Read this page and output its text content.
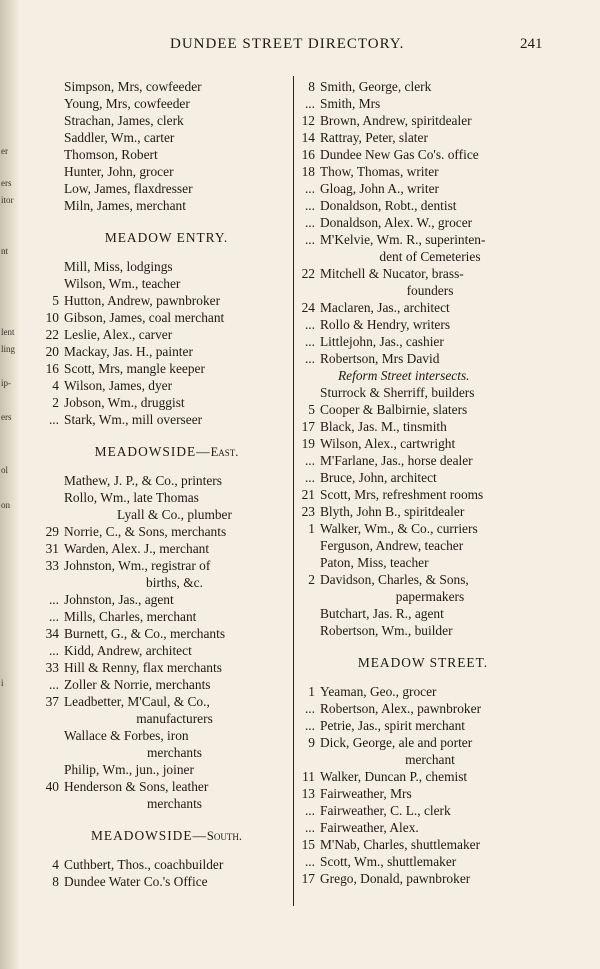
er
ers
itor
nt
lent
ling
ip-
ers
ol
on
i
DUNDEE STREET DIRECTORY.	241
Simpson, Mrs, cowfeeder
Young, Mrs, cowfeeder
Strachan, James, clerk
Saddler, Wm., carter
Thomson, Robert
Hunter, John, grocer
Low, James, flaxdresser
Miln, James, merchant
MEADOW ENTRY.
Mill, Miss, lodgings
Wilson, Wm., teacher
5 Hutton, Andrew, pawnbroker
10 Gibson, James, coal merchant
22 Leslie, Alex., carver
20 Mackay, Jas. H., painter
16 Scott, Mrs, mangle keeper
4 Wilson, James, dyer
2 Jobson, Wm., druggist
... Stark, Wm., mill overseer
MEADOWSIDE—East.
Mathew, J. P., & Co., printers
Rollo, Wm., late Thomas
Lyall & Co., plumber
29 Norrie, C., & Sons, merchants
31 Warden, Alex. J., merchant
33 Johnston, Wm., registrar of
births, &c.
... Johnston, Jas., agent
... Mills, Charles, merchant
34 Burnett, G., & Co., merchants
... Kidd, Andrew, architect
33 Hill & Renny, flax merchants
... Zoller & Norrie, merchants
37 Leadbetter, M'Caul, & Co.,
manufacturers
Wallace & Forbes, iron
merchants
Philip, Wm., jun., joiner
40 Henderson & Sons, leather
merchants
MEADOWSIDE—South.
4 Cuthbert, Thos., coachbuilder
8 Dundee Water Co.'s Office
8 Smith, George, clerk
... Smith, Mrs
12 Brown, Andrew, spiritdealer
14 Rattray, Peter, slater
16 Dundee New Gas Co's. office
18 Thow, Thomas, writer
... Gloag, John A., writer
... Donaldson, Robt., dentist
... Donaldson, Alex. W., grocer
... M'Kelvie, Wm. R., superinten-
dent of Cemeteries
22 Mitchell & Nucator, brass-
founders
24 Maclaren, Jas., architect
... Rollo & Hendry, writers
... Littlejohn, Jas., cashier
... Robertson, Mrs David
Reform Street intersects.
Sturrock & Sherriff, builders
5 Cooper & Balbirnie, slaters
17 Black, Jas. M., tinsmith
19 Wilson, Alex., cartwright
... M'Farlane, Jas., horse dealer
... Bruce, John, architect
21 Scott, Mrs, refreshment rooms
23 Blyth, John B., spiritdealer
1 Walker, Wm., & Co., curriers
Ferguson, Andrew, teacher
Paton, Miss, teacher
2 Davidson, Charles, & Sons,
papermakers
Butchart, Jas. R., agent
Robertson, Wm., builder
MEADOW STREET.
1 Yeaman, Geo., grocer
... Robertson, Alex., pawnbroker
... Petrie, Jas., spirit merchant
9 Dick, George, ale and porter
merchant
11 Walker, Duncan P., chemist
13 Fairweather, Mrs
... Fairweather, C. L., clerk
... Fairweather, Alex.
15 M'Nab, Charles, shuttlemaker
... Scott, Wm., shuttlemaker
17 Grego, Donald, pawnbroker
